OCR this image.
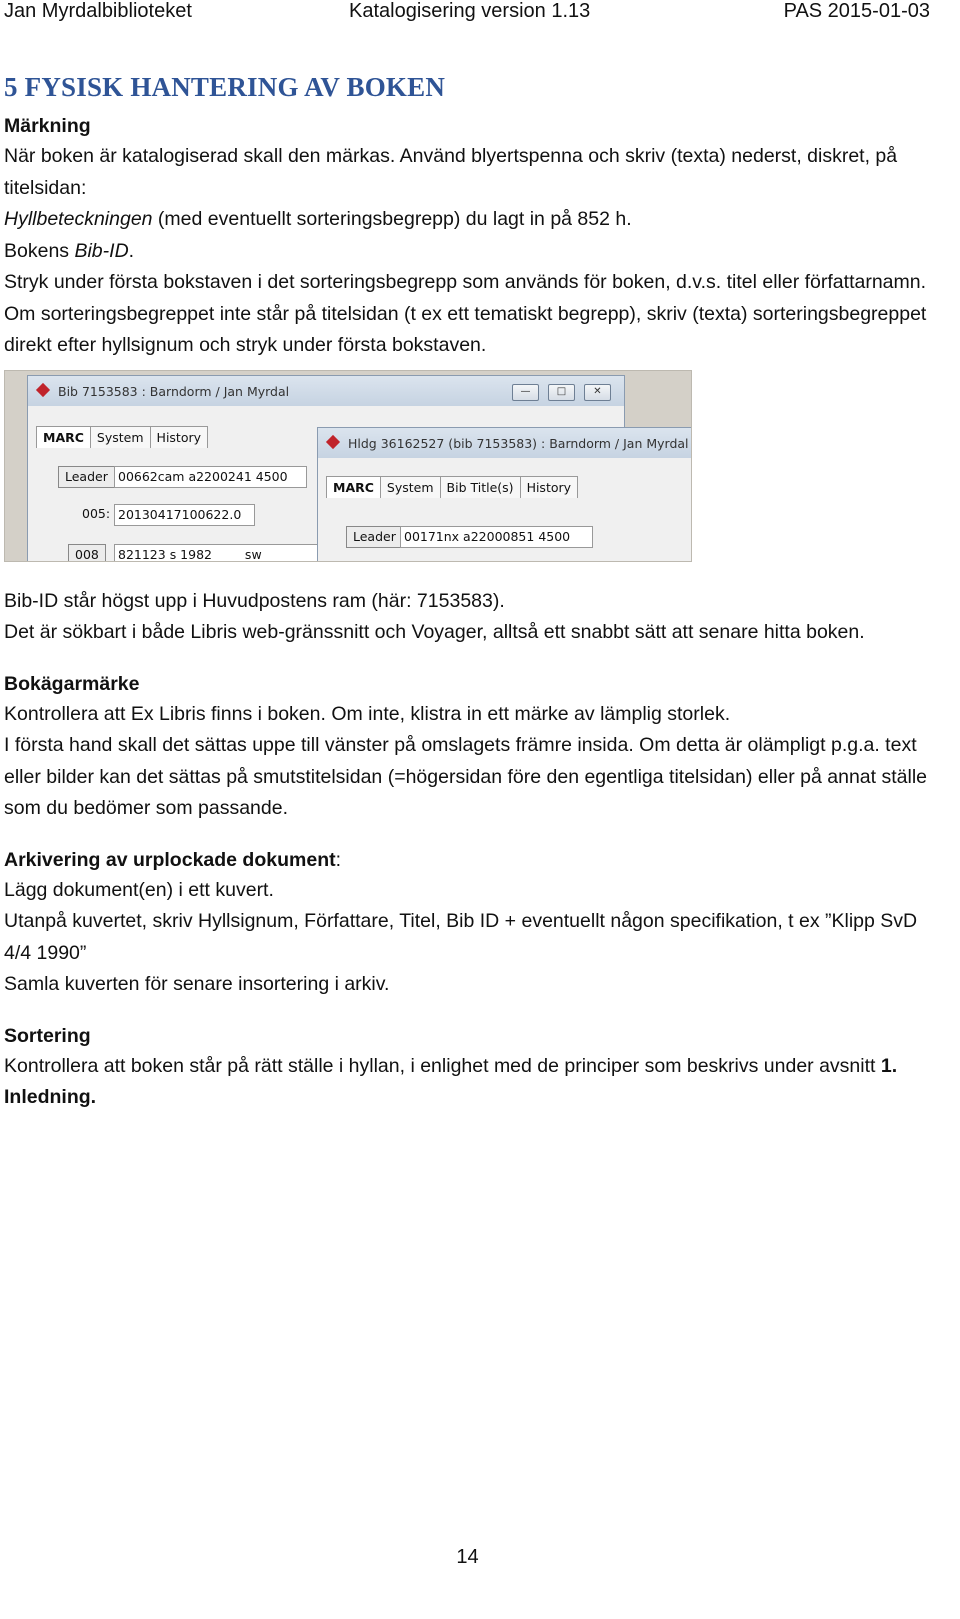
Jan Myrdalbiblioteket	Katalogisering version 1.13	PAS 2015-01-03
5 FYSISK HANTERING AV BOKEN
Märkning

När boken är katalogiserad skall den märkas. Använd blyertspenna och skriv (texta) nederst, diskret, på titelsidan:

Hyllbeteckningen (med eventuellt sorteringsbegrepp) du lagt in på 852 h.

Bokens Bib-ID.

Stryk under första bokstaven i det sorteringsbegrepp som används för boken, d.v.s. titel eller författarnamn. Om sorteringsbegreppet inte står på titelsidan (t ex ett tematiskt begrepp), skriv (texta) sorteringsbegreppet direkt efter hyllsignum och stryk under första bokstaven.

Bib 7153583 : Barndorm / Jan Myrdal	—	□	✕
MARC System History
Leader 00662cam a2200241 4500
005: 20130417100622.0
008	821123 s 1982 ____ sw_ ____ _
Hldg 36162527 (bib 7153583) : Barndorm / Jan Myrdal
MARC System Bib Title(s) History
Leader 00171nx a22000851 4500

Bib-ID står högst upp i Huvudpostens ram (här: 7153583).

Det är sökbart i både Libris web-gränssnitt och Voyager, alltså ett snabbt sätt att senare hitta boken.

Bokägarmärke

Kontrollera att Ex Libris finns i boken. Om inte, klistra in ett märke av lämplig storlek.

I första hand skall det sättas uppe till vänster på omslagets främre insida. Om detta är olämpligt p.g.a. text eller bilder kan det sättas på smutstitelsidan (=högersidan före den egentliga titelsidan) eller på annat ställe som du bedömer som passande.

Arkivering av urplockade dokument:

Lägg dokument(en) i ett kuvert.

Utanpå kuvertet, skriv Hyllsignum, Författare, Titel, Bib ID + eventuellt någon specifikation, t ex ”Klipp SvD 4/4 1990”

Samla kuverten för senare insortering i arkiv.

Sortering

Kontrollera att boken står på rätt ställe i hyllan, i enlighet med de principer som beskrivs under avsnitt 1. Inledning.

14
